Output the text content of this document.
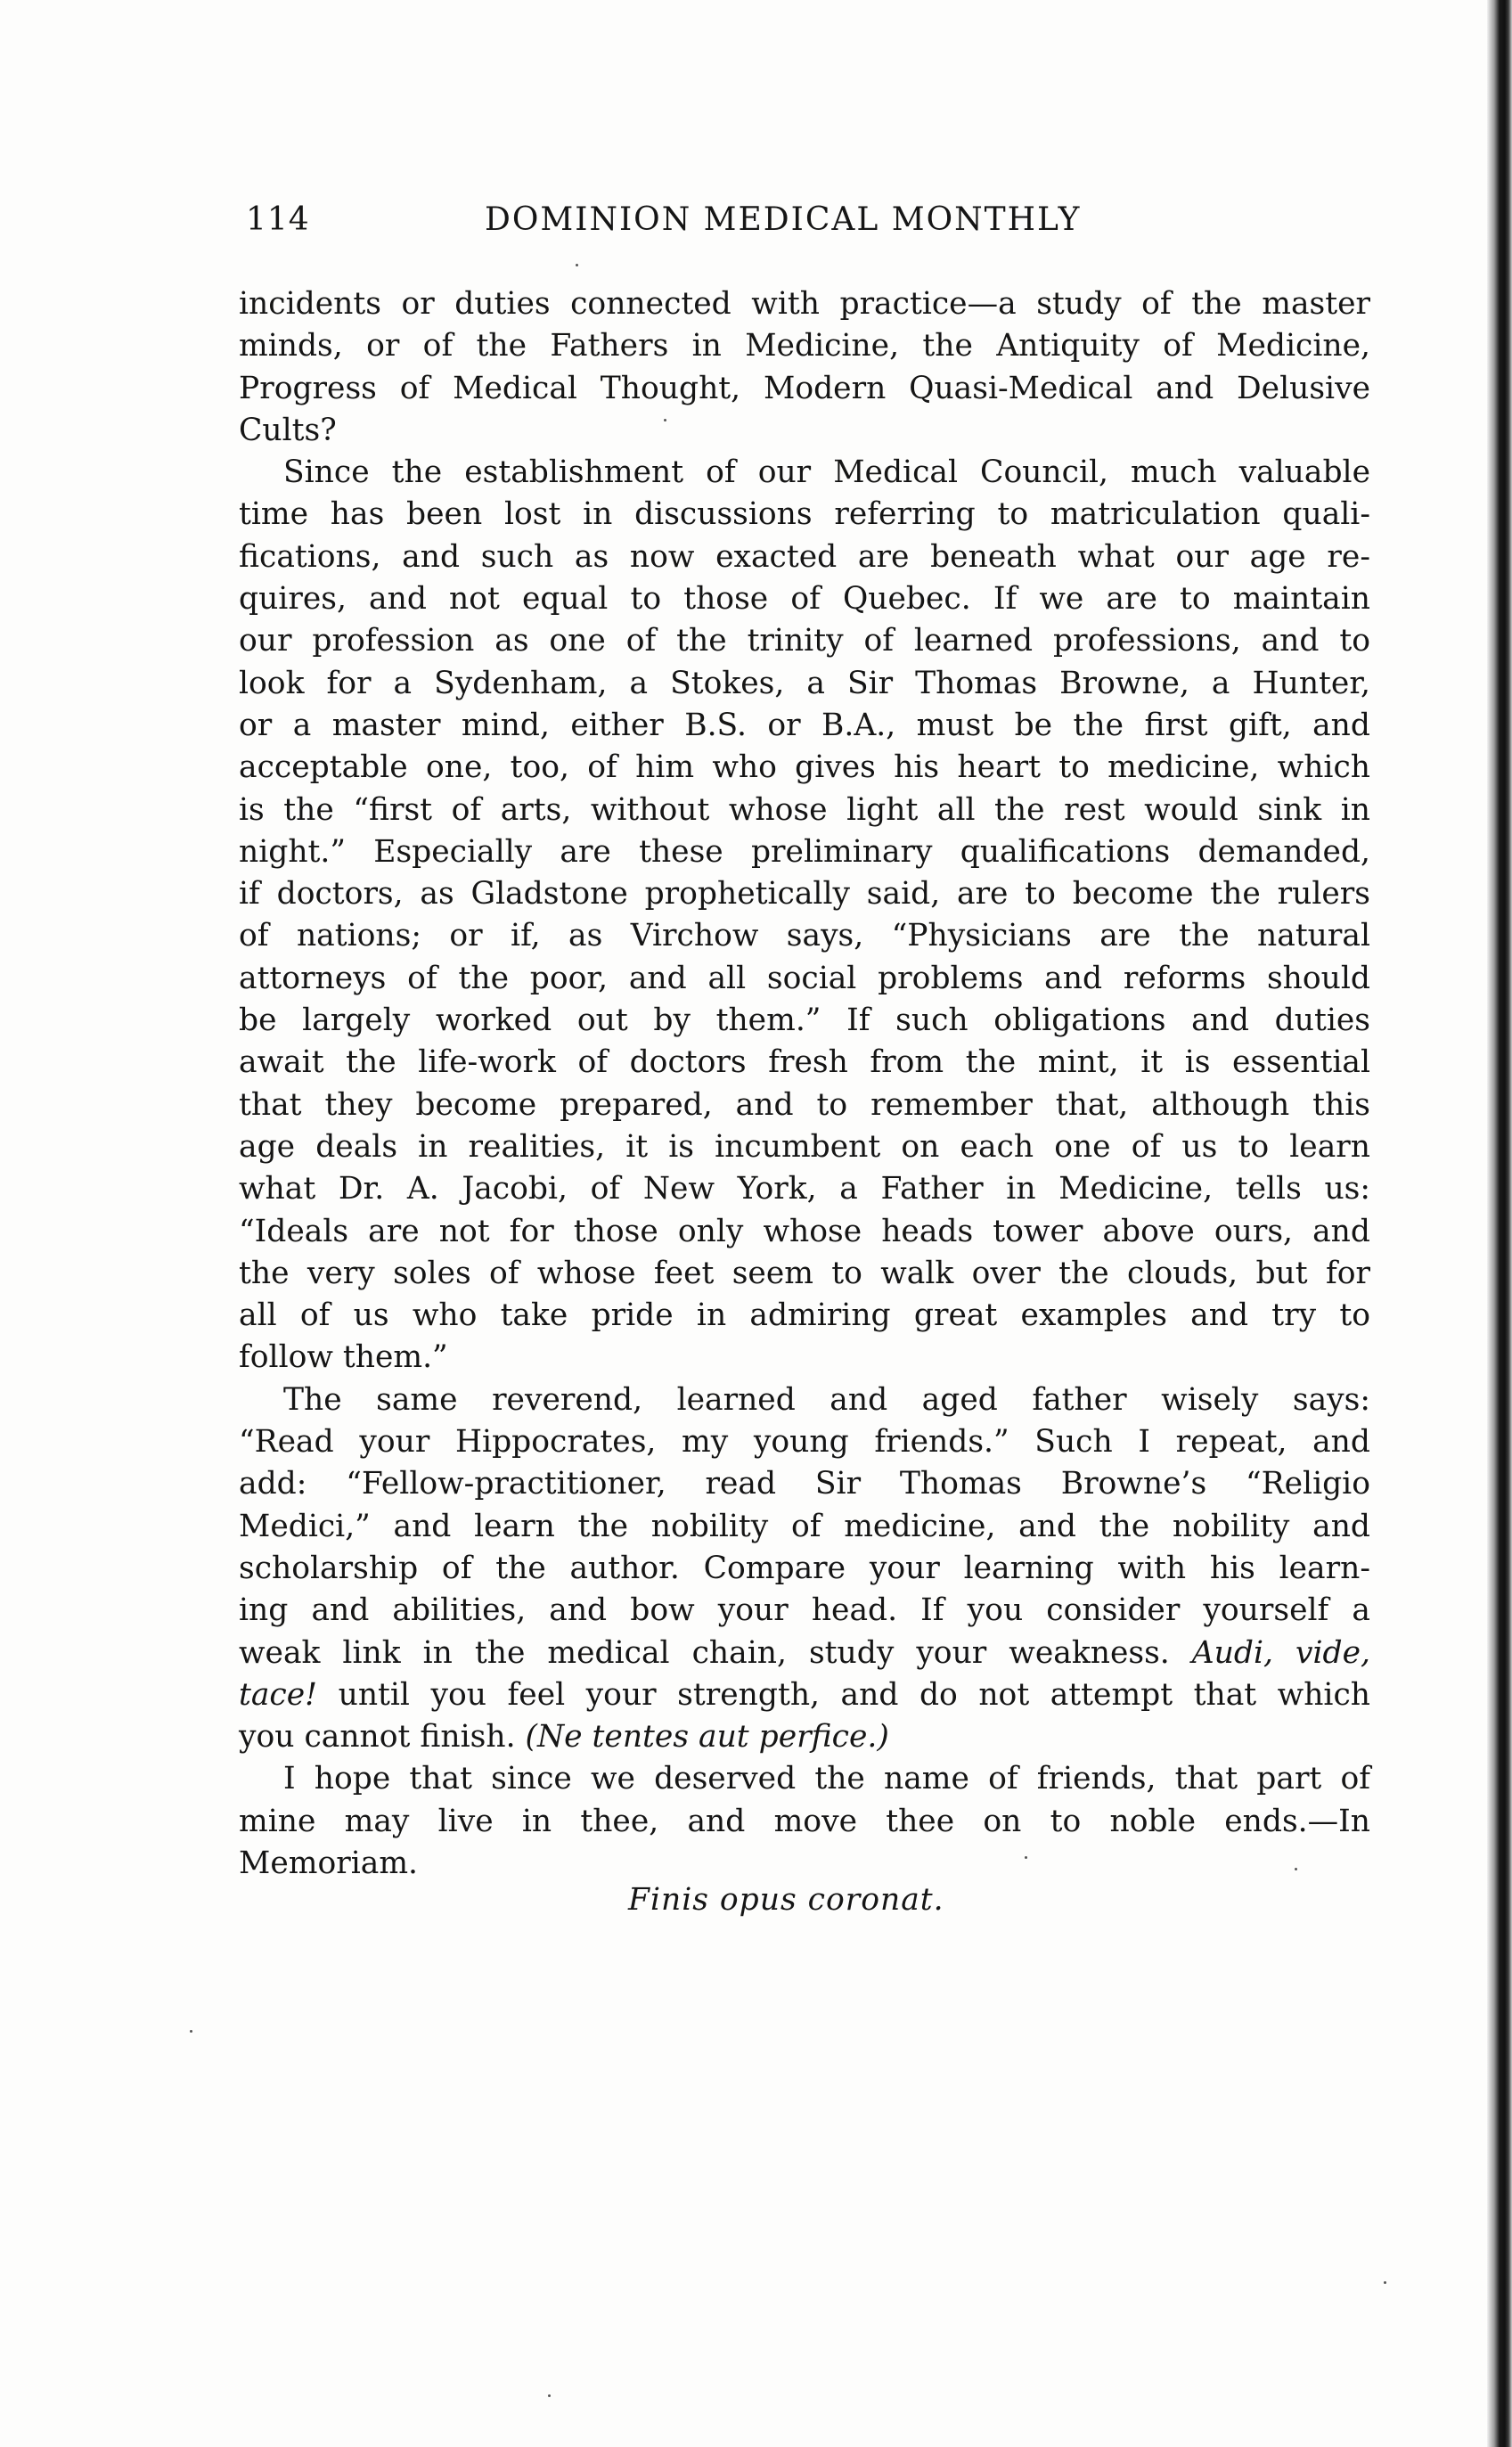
114	DOMINION MEDICAL MONTHLY
incidents or duties connected with practice—a study of the master
minds, or of the Fathers in Medicine, the Antiquity of Medicine,
Progress of Medical Thought, Modern Quasi-Medical and Delusive
Cults?
Since the establishment of our Medical Council, much valuable
time has been lost in discussions referring to matriculation quali-
fications, and such as now exacted are beneath what our age re-
quires, and not equal to those of Quebec. If we are to maintain
our profession as one of the trinity of learned professions, and to
look for a Sydenham, a Stokes, a Sir Thomas Browne, a Hunter,
or a master mind, either B.S. or B.A., must be the first gift, and
acceptable one, too, of him who gives his heart to medicine, which
is the “first of arts, without whose light all the rest would sink in
night.” Especially are these preliminary qualifications demanded,
if doctors, as Gladstone prophetically said, are to become the rulers
of nations; or if, as Virchow says, “Physicians are the natural
attorneys of the poor, and all social problems and reforms should
be largely worked out by them.” If such obligations and duties
await the life-work of doctors fresh from the mint, it is essential
that they become prepared, and to remember that, although this
age deals in realities, it is incumbent on each one of us to learn
what Dr. A. Jacobi, of New York, a Father in Medicine, tells us:
“Ideals are not for those only whose heads tower above ours, and
the very soles of whose feet seem to walk over the clouds, but for
all of us who take pride in admiring great examples and try to
follow them.”
The same reverend, learned and aged father wisely says:
“Read your Hippocrates, my young friends.” Such I repeat, and
add: “Fellow-practitioner, read Sir Thomas Browne’s “Religio
Medici,” and learn the nobility of medicine, and the nobility and
scholarship of the author. Compare your learning with his learn-
ing and abilities, and bow your head. If you consider yourself a
weak link in the medical chain, study your weakness. Audi, vide,
tace! until you feel your strength, and do not attempt that which
you cannot finish. (Ne tentes aut perfice.)
I hope that since we deserved the name of friends, that part of
mine may live in thee, and move thee on to noble ends.—In
Memoriam.
Finis opus coronat.
